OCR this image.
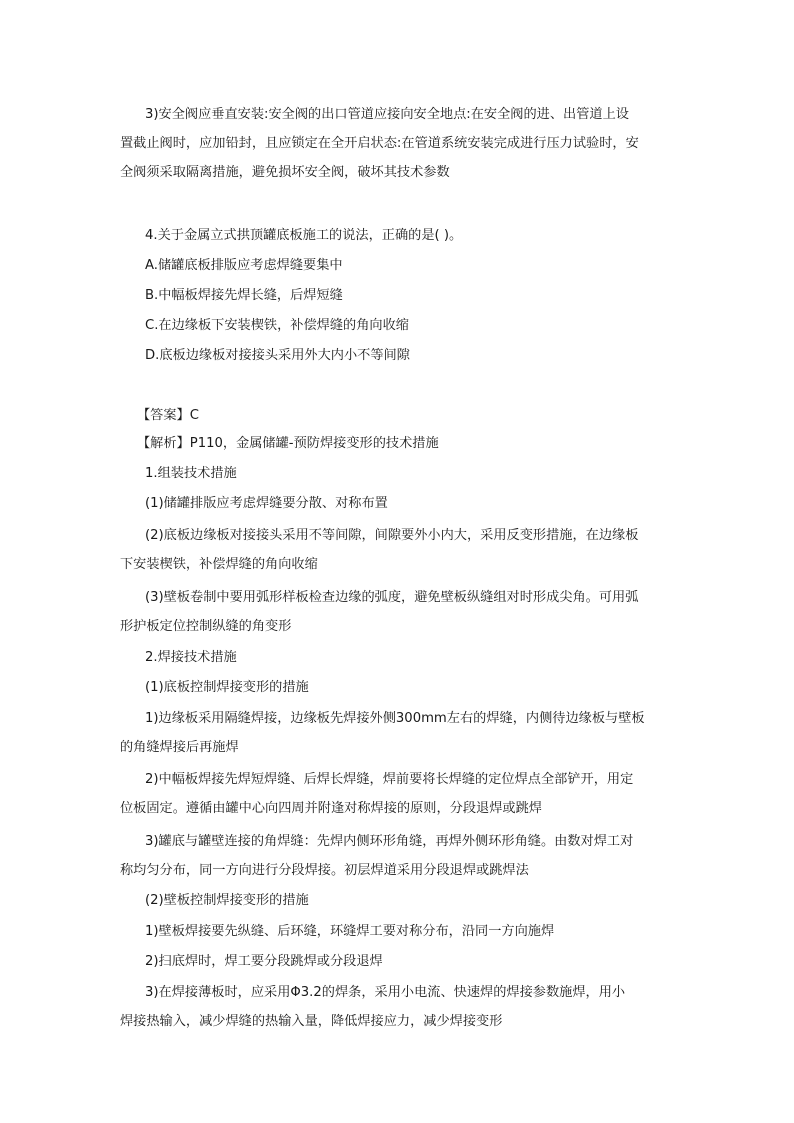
3)安全阀应垂直安装:安全阀的出口管道应接向安全地点:在安全阀的进、出管道上设
置截止阀时，应加铅封，且应锁定在全开启状态:在管道系统安装完成进行压力试验时，安
全阀须采取隔离措施，避免损坏安全阀，破坏其技术参数
4.关于金属立式拱顶罐底板施工的说法，正确的是( )。
A.储罐底板排版应考虑焊缝要集中
B.中幅板焊接先焊长缝，后焊短缝
C.在边缘板下安装楔铁，补偿焊缝的角向收缩
D.底板边缘板对接接头采用外大内小不等间隙
【答案】C
【解析】P110，金属储罐-预防焊接变形的技术措施
1.组装技术措施
(1)储罐排版应考虑焊缝要分散、对称布置
(2)底板边缘板对接接头采用不等间隙，间隙要外小内大，采用反变形措施，在边缘板
下安装楔铁，补偿焊缝的角向收缩
(3)壁板卷制中要用弧形样板检查边缘的弧度，避免壁板纵缝组对时形成尖角。可用弧
形护板定位控制纵缝的角变形
2.焊接技术措施
(1)底板控制焊接变形的措施
1)边缘板采用隔缝焊接，边缘板先焊接外侧300mm左右的焊缝，内侧待边缘板与壁板
的角缝焊接后再施焊
2)中幅板焊接先焊短焊缝、后焊长焊缝，焊前要将长焊缝的定位焊点全部铲开，用定
位板固定。遵循由罐中心向四周并附逢对称焊接的原则，分段退焊或跳焊
3)罐底与罐壁连接的角焊缝：先焊内侧环形角缝，再焊外侧环形角缝。由数对焊工对
称均匀分布，同一方向进行分段焊接。初层焊道采用分段退焊或跳焊法
(2)壁板控制焊接变形的措施
1)壁板焊接要先纵缝、后环缝，环缝焊工要对称分布，沿同一方向施焊
2)扫底焊时，焊工要分段跳焊或分段退焊
3)在焊接薄板时，应采用Φ3.2的焊条，采用小电流、快速焊的焊接参数施焊，用小
焊接热输入，减少焊缝的热输入量，降低焊接应力，减少焊接变形
